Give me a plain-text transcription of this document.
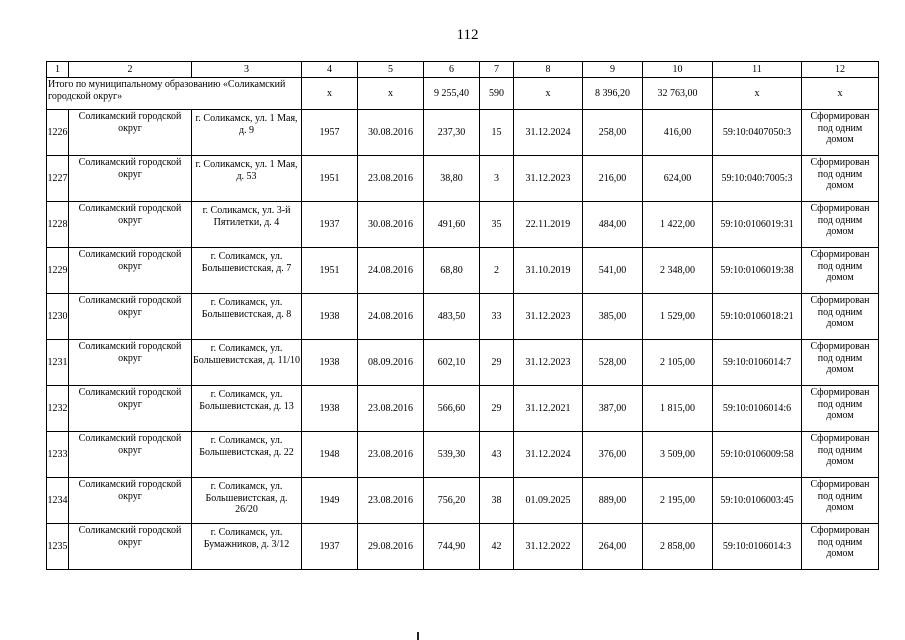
112
1	2	3	4	5	6	7	8	9	10	11	12
Итого по муниципальному образованию «Соликамский городской округ»			x	x	9 255,40	590	x	8 396,20	32 763,00	x	x
1226	Соликамский городской округ	г. Соликамск, ул. 1 Мая, д. 9	1957	30.08.2016	237,30	15	31.12.2024	258,00	416,00	59:10:0407050:3	Сформирован под одним домом
1227	Соликамский городской округ	г. Соликамск, ул. 1 Мая, д. 53	1951	23.08.2016	38,80	3	31.12.2023	216,00	624,00	59:10:040:7005:3	Сформирован под одним домом
1228	Соликамский городской округ	г. Соликамск, ул. 3-й Пятилетки, д. 4	1937	30.08.2016	491,60	35	22.11.2019	484,00	1 422,00	59:10:0106019:31	Сформирован под одним домом
1229	Соликамский городской округ	г. Соликамск, ул. Большевистская, д. 7	1951	24.08.2016	68,80	2	31.10.2019	541,00	2 348,00	59:10:0106019:38	Сформирован под одним домом
1230	Соликамский городской округ	г. Соликамск, ул. Большевистская, д. 8	1938	24.08.2016	483,50	33	31.12.2023	385,00	1 529,00	59:10:0106018:21	Сформирован под одним домом
1231	Соликамский городской округ	г. Соликамск, ул. Большевистская, д. 11/10	1938	08.09.2016	602,10	29	31.12.2023	528,00	2 105,00	59:10:0106014:7	Сформирован под одним домом
1232	Соликамский городской округ	г. Соликамск, ул. Большевистская, д. 13	1938	23.08.2016	566,60	29	31.12.2021	387,00	1 815,00	59:10:0106014:6	Сформирован под одним домом
1233	Соликамский городской округ	г. Соликамск, ул. Большевистская, д. 22	1948	23.08.2016	539,30	43	31.12.2024	376,00	3 509,00	59:10:0106009:58	Сформирован под одним домом
1234	Соликамский городской округ	г. Соликамск, ул. Большевистская, д. 26/20	1949	23.08.2016	756,20	38	01.09.2025	889,00	2 195,00	59:10:0106003:45	Сформирован под одним домом
1235	Соликамский городской округ	г. Соликамск, ул. Бумажников, д. 3/12	1937	29.08.2016	744,90	42	31.12.2022	264,00	2 858,00	59:10:0106014:3	Сформирован под одним домом
